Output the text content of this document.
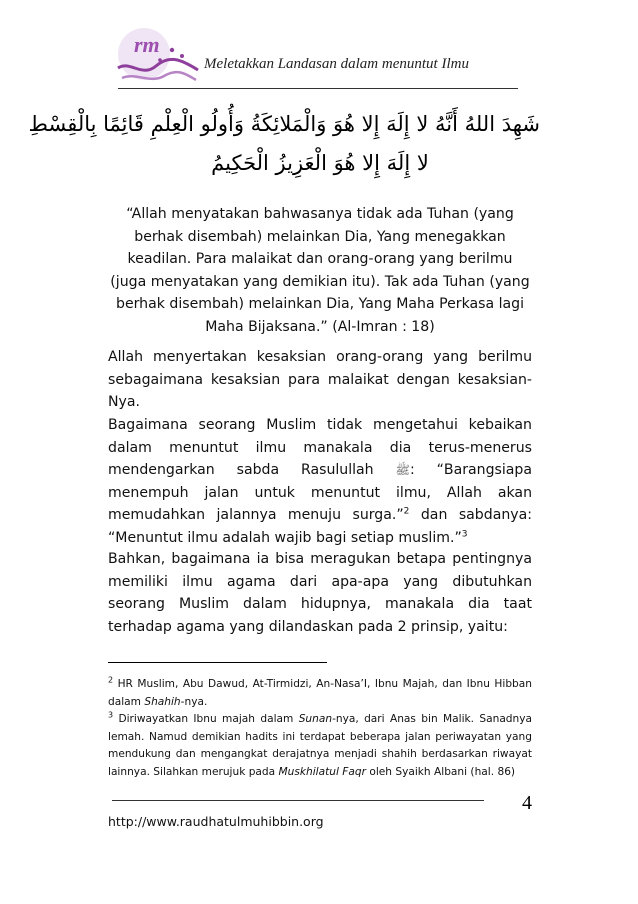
rm
Meletakkan Landasan dalam menuntut Ilmu
شَهِدَ اللهُ أَنَّهُ لا إِلَهَ إِلا هُوَ وَالْمَلائِكَةُ وَأُولُو الْعِلْمِ قَائِمًا بِالْقِسْطِ
لا إِلَهَ إِلا هُوَ الْعَزِيزُ الْحَكِيمُ
“Allah menyatakan bahwasanya tidak ada Tuhan (yang berhak disembah) melainkan Dia, Yang menegakkan keadilan. Para malaikat dan orang-orang yang berilmu (juga menyatakan yang demikian itu). Tak ada Tuhan (yang berhak disembah) melainkan Dia, Yang Maha Perkasa lagi Maha Bijaksana.” (Al-Imran : 18)
Allah menyertakan kesaksian orang-orang yang berilmu sebagaimana kesaksian para malaikat dengan kesaksian-Nya.
Bagaimana seorang Muslim tidak mengetahui kebaikan dalam menuntut ilmu manakala dia terus-menerus mendengarkan sabda Rasulullah ﷺ: “Barangsiapa menempuh jalan untuk menuntut ilmu, Allah akan memudahkan jalannya menuju surga.”$^2$ dan sabdanya: “Menuntut ilmu adalah wajib bagi setiap muslim.”$^3$
Bahkan, bagaimana ia bisa meragukan betapa pentingnya memiliki ilmu agama dari apa-apa yang dibutuhkan seorang Muslim dalam hidupnya, manakala dia taat terhadap agama yang dilandaskan pada 2 prinsip, yaitu:

$^2$ HR Muslim, Abu Dawud, At-Tirmidzi, An-Nasa’I, Ibnu Majah, dan Ibnu Hibban dalam Shahih-nya.

$^3$ Diriwayatkan Ibnu majah dalam Sunan-nya, dari Anas bin Malik. Sanadnya lemah. Namud demikian hadits ini terdapat beberapa jalan periwayatan yang mendukung dan mengangkat derajatnya menjadi shahih berdasarkan riwayat lainnya. Silahkan merujuk pada Muskhilatul Faqr oleh Syaikh Albani (hal. 86)

4
http://www.raudhatulmuhibbin.org
